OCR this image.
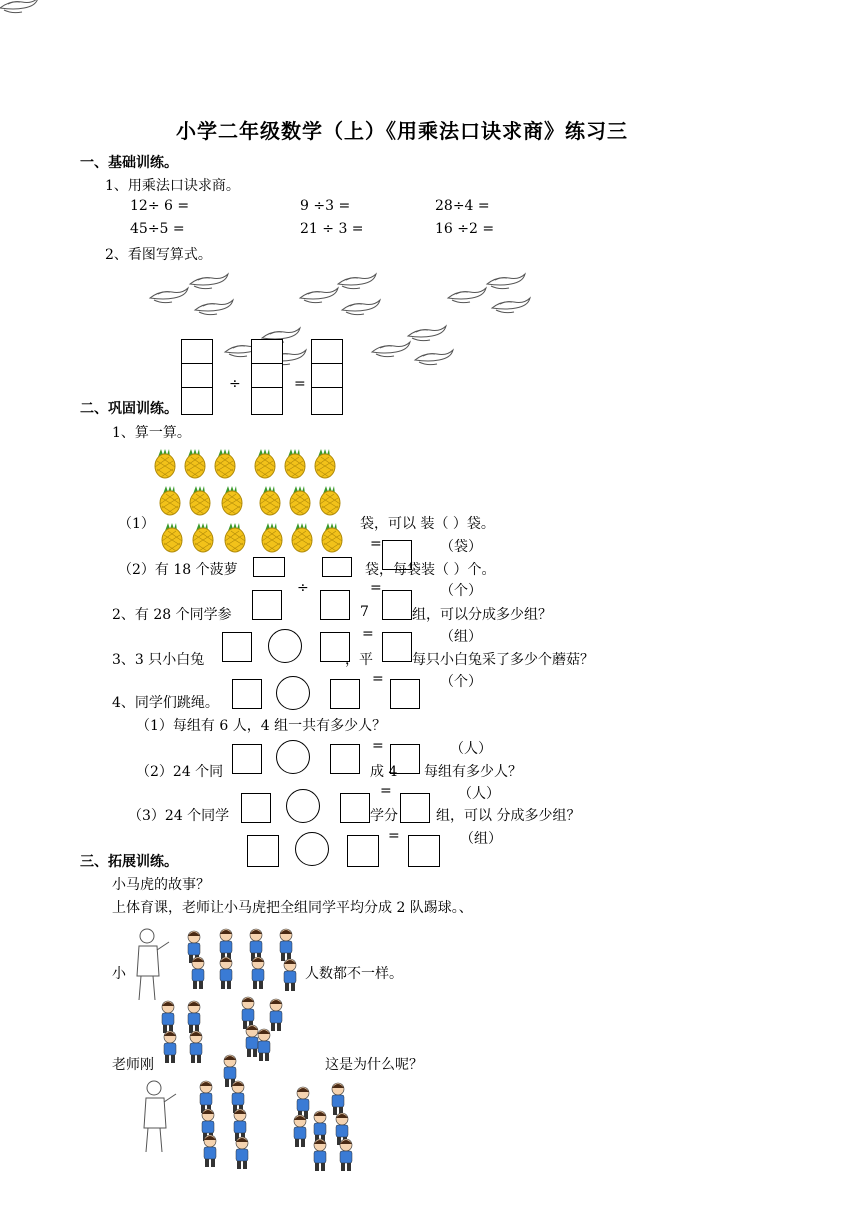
小学二年级数学（上）《用乘法口诀求商》练习三
一、基础训练。
1、用乘法口诀求商。
12÷ 6 =	9 ÷3 =	28÷4 =
45÷5 =	21 ÷ 3 =	16 ÷2 =
2、看图写算式。
÷	=
二、巩固训练。
1、算一算。
（1）	袋，可以 装（ ）袋。
=	（袋）
（2）有 18 个菠萝	袋，每袋装（ ）个。
÷	=	（个）
2、有 28 个同学参	7	组，可以分成多少组？
=	（组）
3、3 只小白兔	，平	每只小白兔采了多少个蘑菇？
=	（个）
4、同学们跳绳。
（1）每组有 6 人，4 组一共有多少人？
=	（人）
（2）24 个同	成 4 每组有多少人？
=	（人）
（3）24 个同学	学分	组，可以 分成多少组？
=	（组）
三、拓展训练。
小马虎的故事？
上体育课，老师让小马虎把全组同学平均分成 2 队踢球。、
小	人数都不一样。
老师刚	这是为什么呢？
